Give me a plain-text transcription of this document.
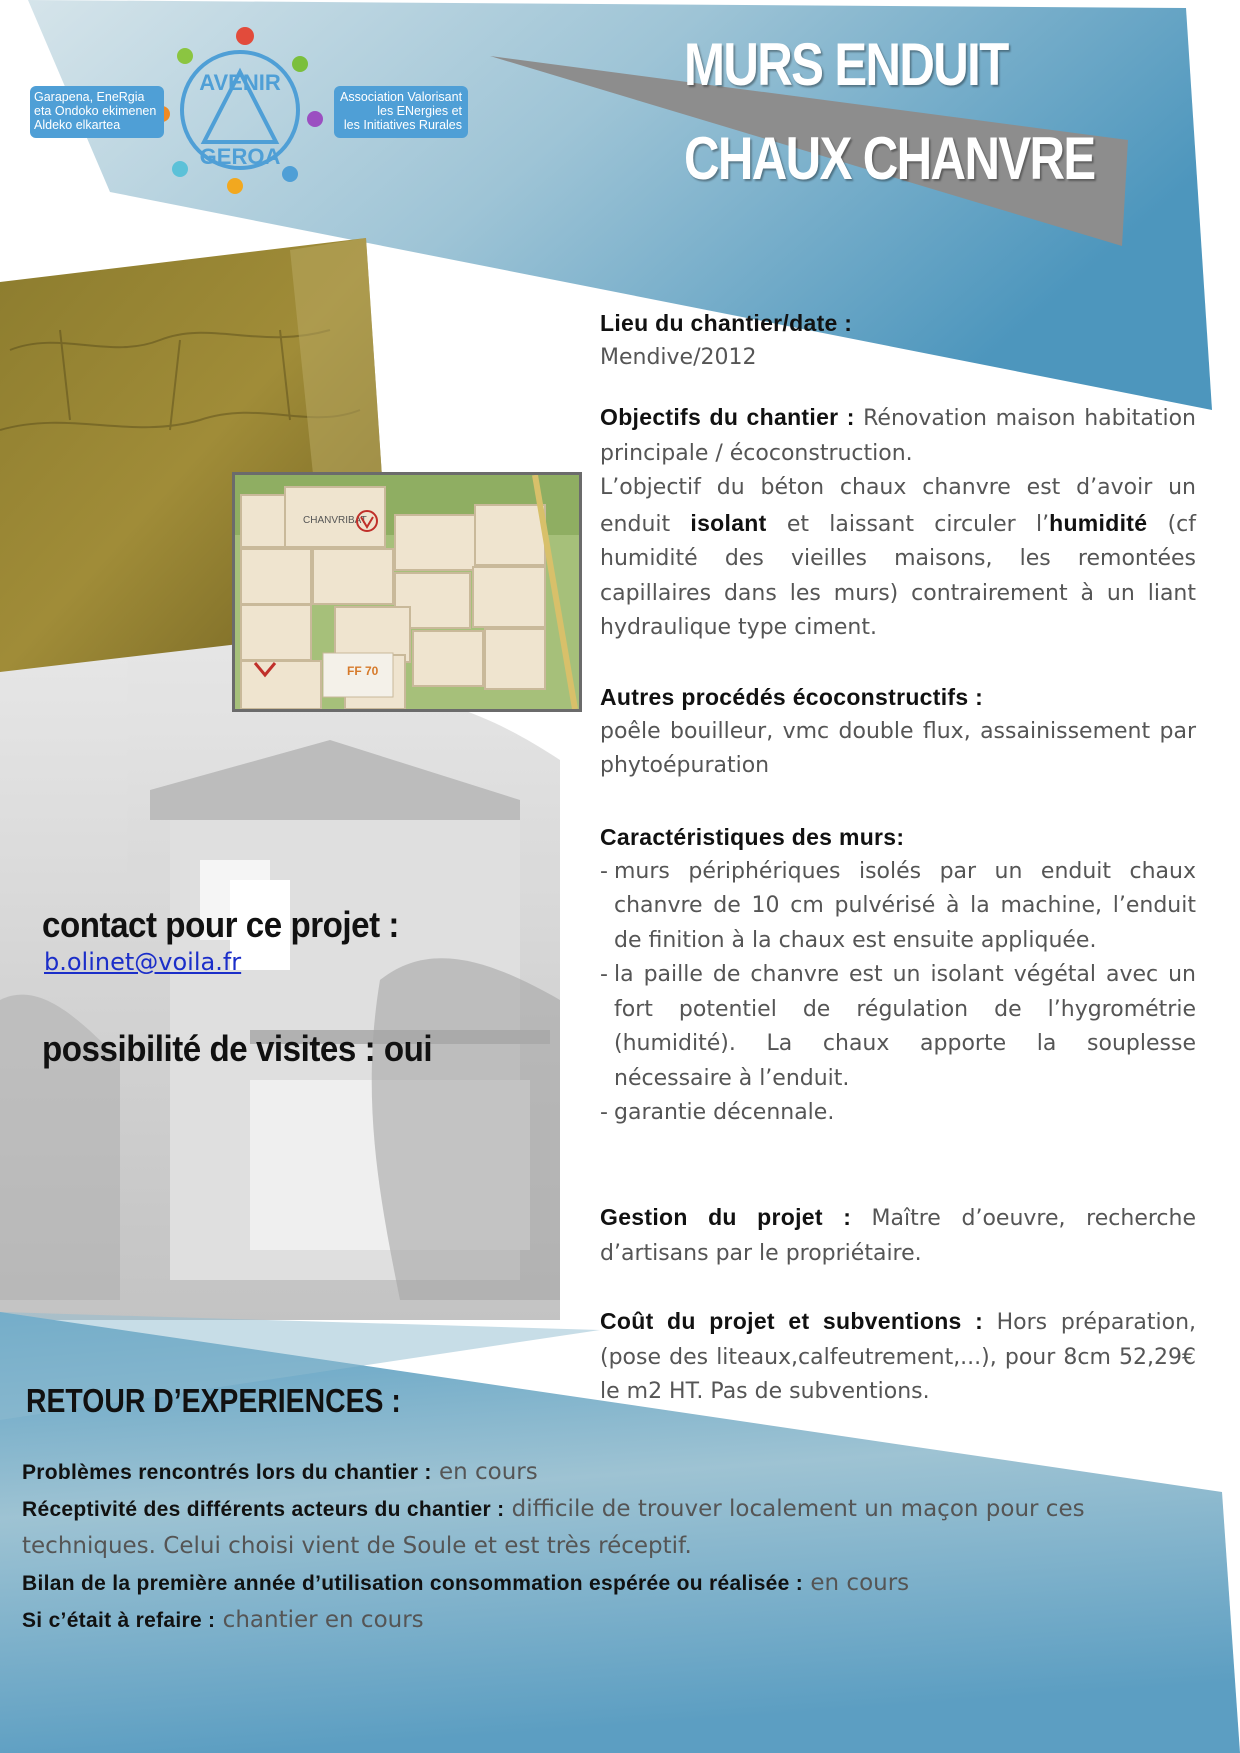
AVENIR
GEROA
Garapena, EneRgia
eta Ondoko ekimenen
Aldeko elkartea
Association Valorisant
les ENergies et
les Initiatives Rurales
MURS ENDUIT
CHAUX CHANVRE
CHANVRIBAT
FF 70
Lieu du chantier/date :
Mendive/2012

Objectifs du chantier : Rénovation maison habitation principale / écoconstruction.

L’objectif du béton chaux chanvre est d’avoir un enduit isolant et laissant circuler l’humidité (cf humidité des vieilles maisons, les remontées capillaires dans les murs) contrairement à un liant hydraulique type ciment.

Autres procédés écoconstructifs :

poêle bouilleur, vmc double flux, assainissement par phytoépuration

Caractéristiques des murs:
- murs périphériques isolés par un enduit chaux chanvre de 10 cm pulvérisé à la machine, l’enduit de finition à la chaux est ensuite appliquée.
- la paille de chanvre est un isolant végétal avec un fort potentiel de régulation de l’hygrométrie (humidité). La chaux apporte la souplesse nécessaire à l’enduit.
- garantie décennale.

Gestion du projet : Maître d’oeuvre, recherche d’artisans par le propriétaire.

Coût du projet et subventions : Hors préparation, (pose des liteaux,calfeutrement,...), pour 8cm 52,29€ le m2 HT. Pas de subventions.

contact pour ce projet :
b.olinet@voila.fr
possibilité de visites : oui
RETOUR D’EXPERIENCES :
Problèmes rencontrés lors du chantier : en cours
Réceptivité des différents acteurs du chantier : difficile de trouver localement un maçon pour ces
techniques. Celui choisi vient de Soule et est très réceptif.
Bilan de la première année d’utilisation consommation espérée ou réalisée : en cours
Si c’était à refaire : chantier en cours
